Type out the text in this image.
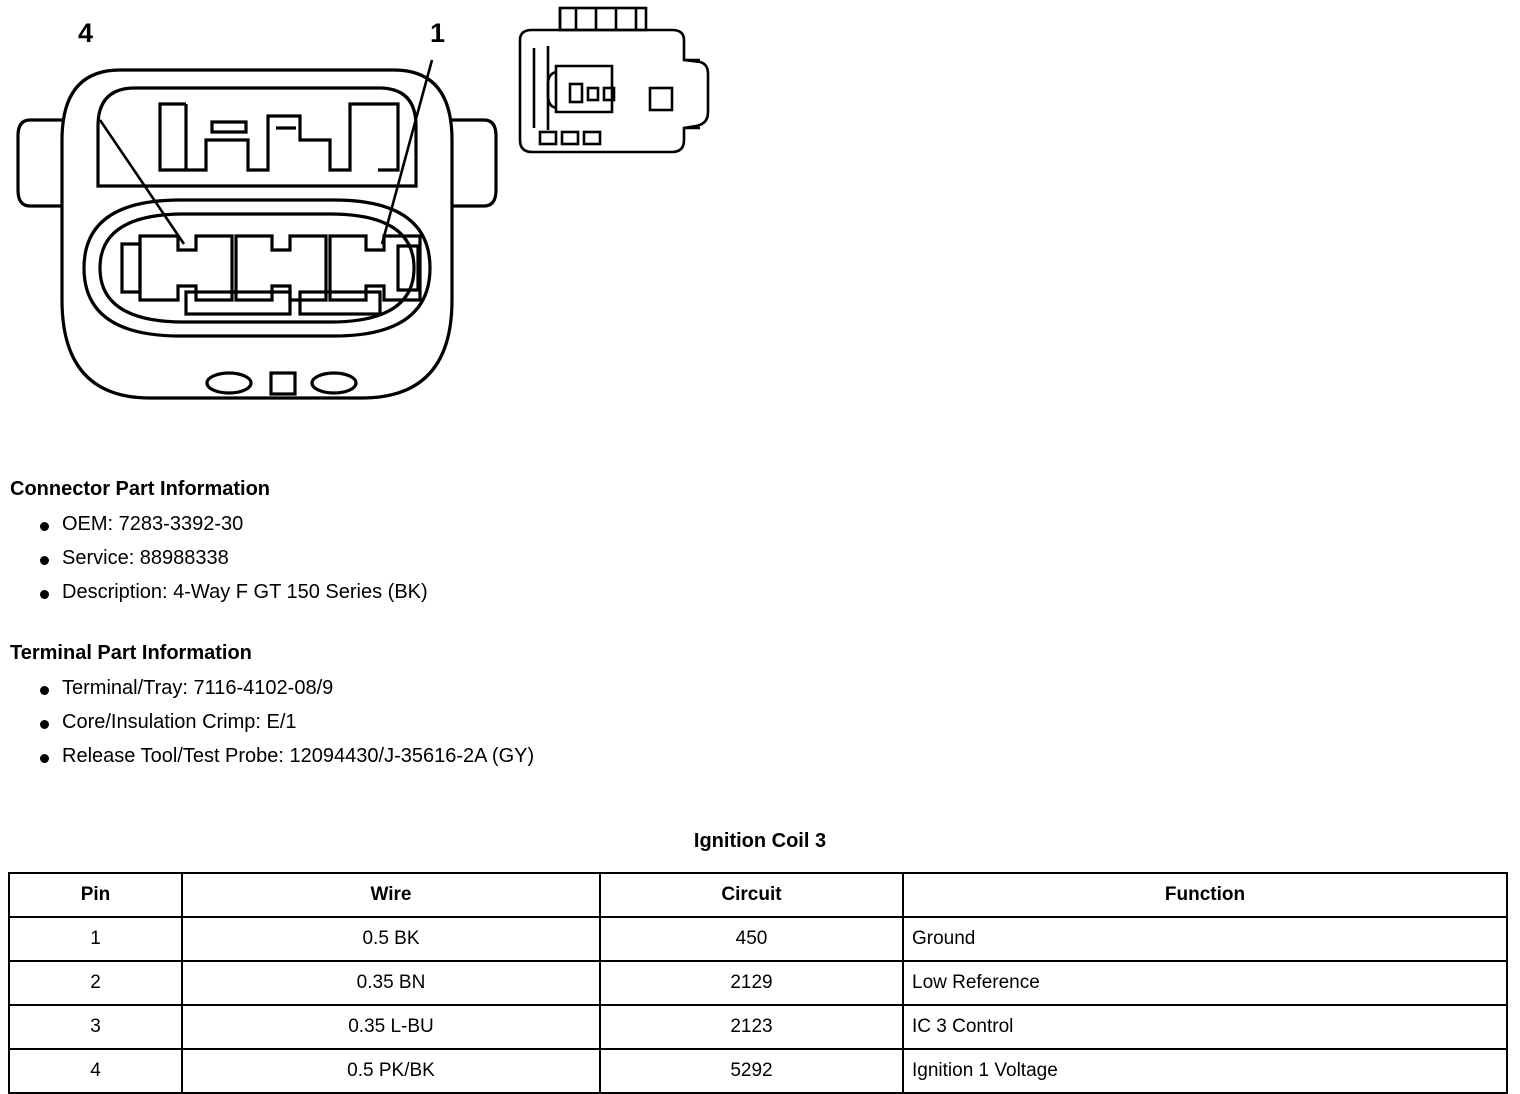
4	1
Connector Part Information
OEM: 7283-3392-30
Service: 88988338
Description: 4-Way F GT 150 Series (BK)
Terminal Part Information
Terminal/Tray: 7116-4102-08/9
Core/Insulation Crimp: E/1
Release Tool/Test Probe: 12094430/J-35616-2A (GY)
Ignition Coil 3
Pin	Wire	Circuit	Function
1	0.5 BK	450	Ground
2	0.35 BN	2129	Low Reference
3	0.35 L-BU	2123	IC 3 Control
4	0.5 PK/BK	5292	Ignition 1 Voltage
